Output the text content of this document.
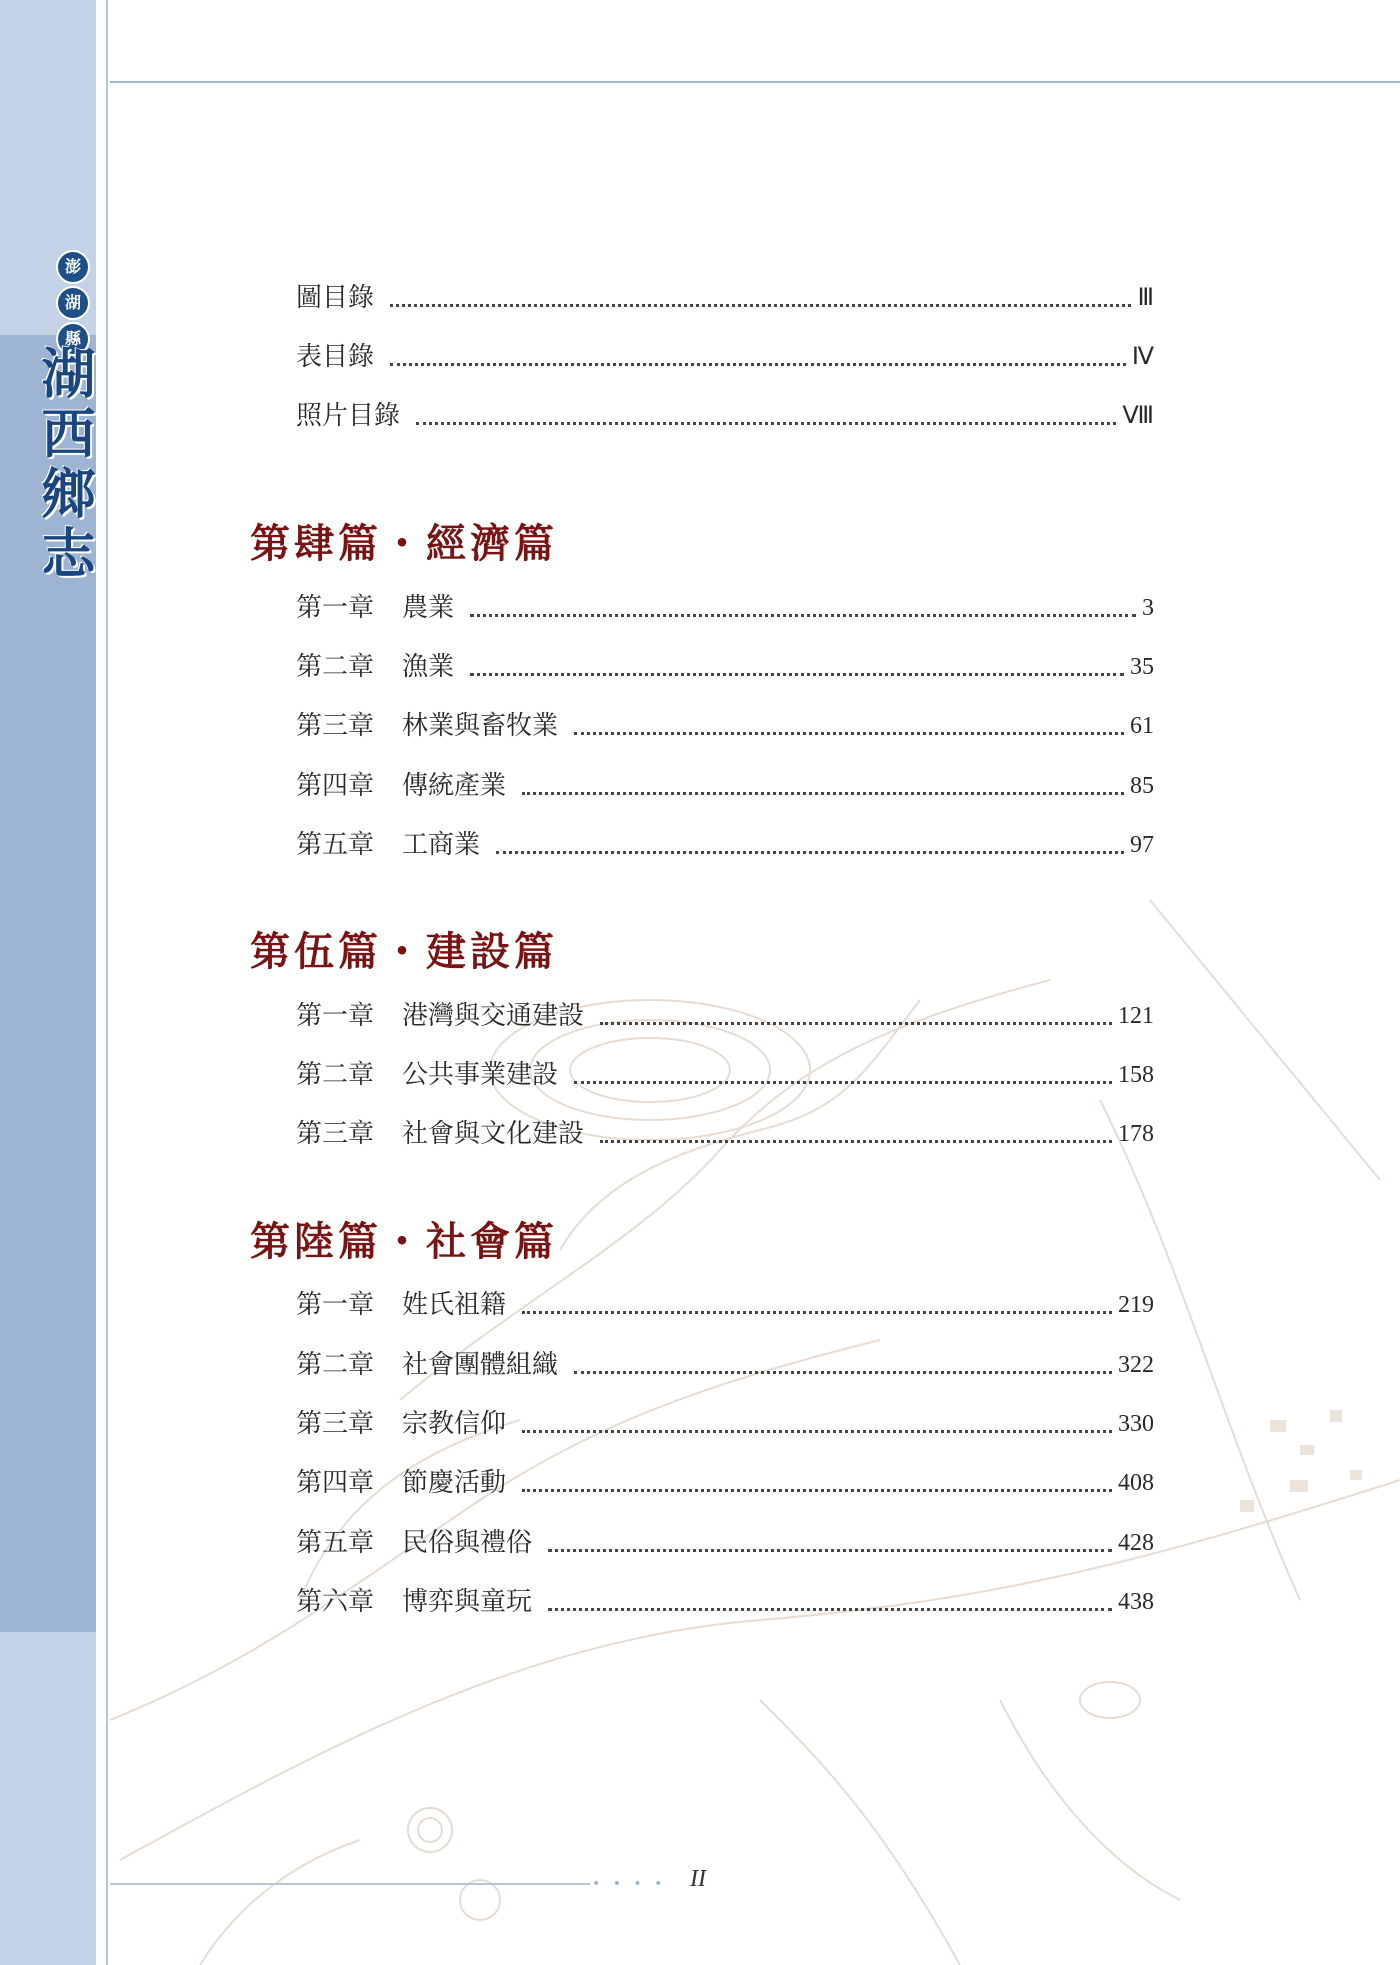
澎
湖
縣
湖西鄉志
圖目錄	Ⅲ
表目錄	Ⅳ
照片目錄	Ⅷ
第肆篇・經濟篇
第一章 農業	3
第二章 漁業	35
第三章 林業與畜牧業	61
第四章 傳統產業	85
第五章 工商業	97
第伍篇・建設篇
第一章 港灣與交通建設	121
第二章 公共事業建設	158
第三章 社會與文化建設	178
第陸篇・社會篇
第一章 姓氏祖籍	219
第二章 社會團體組織	322
第三章 宗教信仰	330
第四章 節慶活動	408
第五章 民俗與禮俗	428
第六章 博弈與童玩	438
• • • • II
